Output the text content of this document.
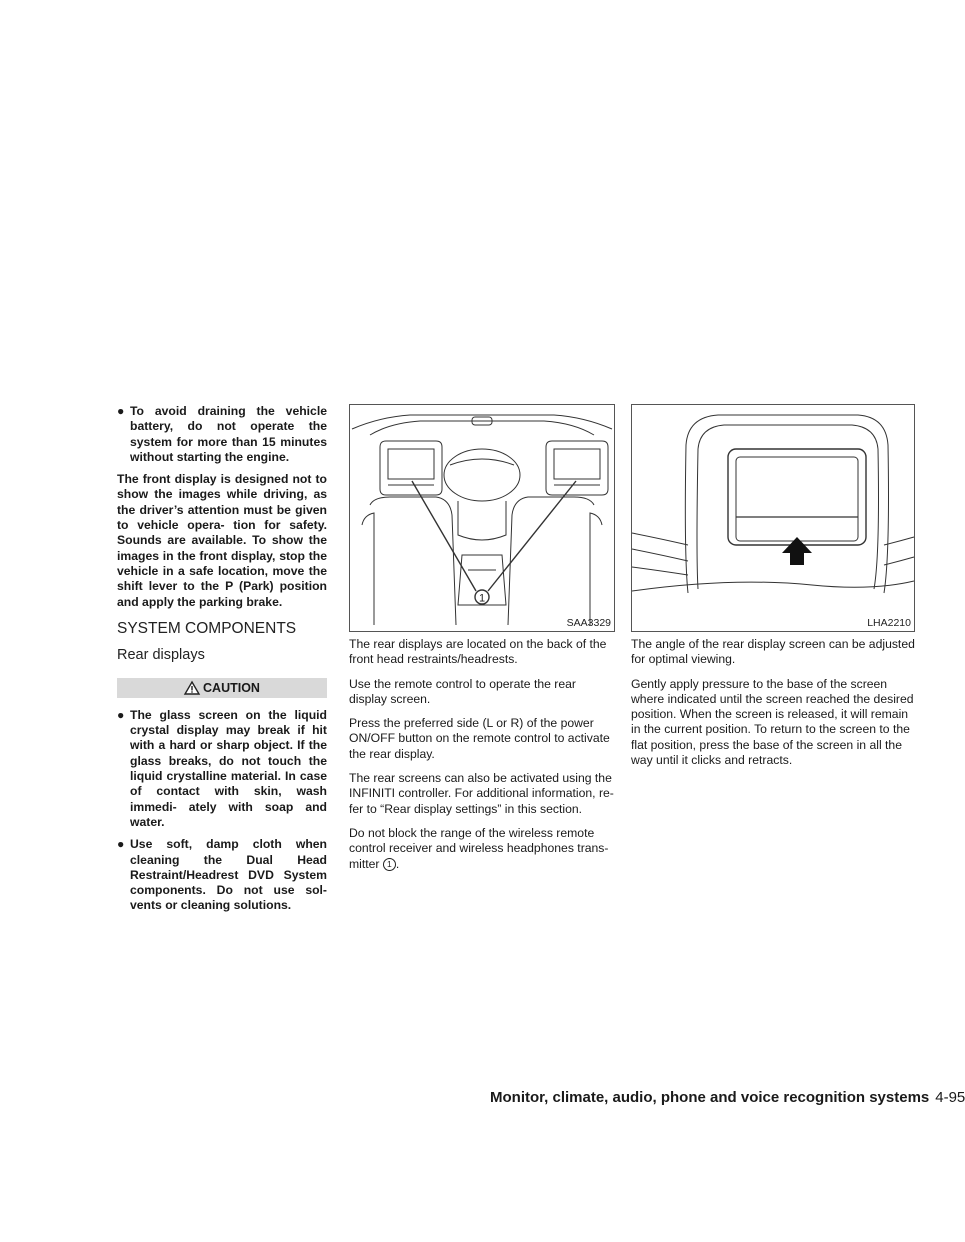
● To avoid draining the vehicle battery, do not operate the system for more than 15 minutes without starting the engine.

The front display is designed not to show the images while driving, as the driver’s attention must be given to vehicle opera- tion for safety. Sounds are available. To show the images in the front display, stop the vehicle in a safe location, move the shift lever to the P (Park) position and apply the parking brake.

SYSTEM COMPONENTS
Rear displays
CAUTION
● The glass screen on the liquid crystal display may break if hit with a hard or sharp object. If the glass breaks, do not touch the liquid crystalline material. In case of contact with skin, wash immedi- ately with soap and water.
● Use soft, damp cloth when cleaning the Dual Head Restraint/Headrest DVD System components. Do not use sol- vents or cleaning solutions.
1
SAA3329

The rear displays are located on the back of the front head restraints/headrests.

Use the remote control to operate the rear display screen.

Press the preferred side (L or R) of the power ON/OFF button on the remote control to activate the rear display.

The rear screens can also be activated using the INFINITI controller. For additional information, re- fer to “Rear display settings” in this section.

Do not block the range of the wireless remote control receiver and wireless headphones trans- mitter 1 .

LHA2210

The angle of the rear display screen can be adjusted for optimal viewing.

Gently apply pressure to the base of the screen where indicated until the screen reached the desired position. When the screen is released, it will remain in the current position. To return to the screen to the flat position, press the base of the screen in all the way until it clicks and retracts.

Monitor, climate, audio, phone and voice recognition systems 4-95
